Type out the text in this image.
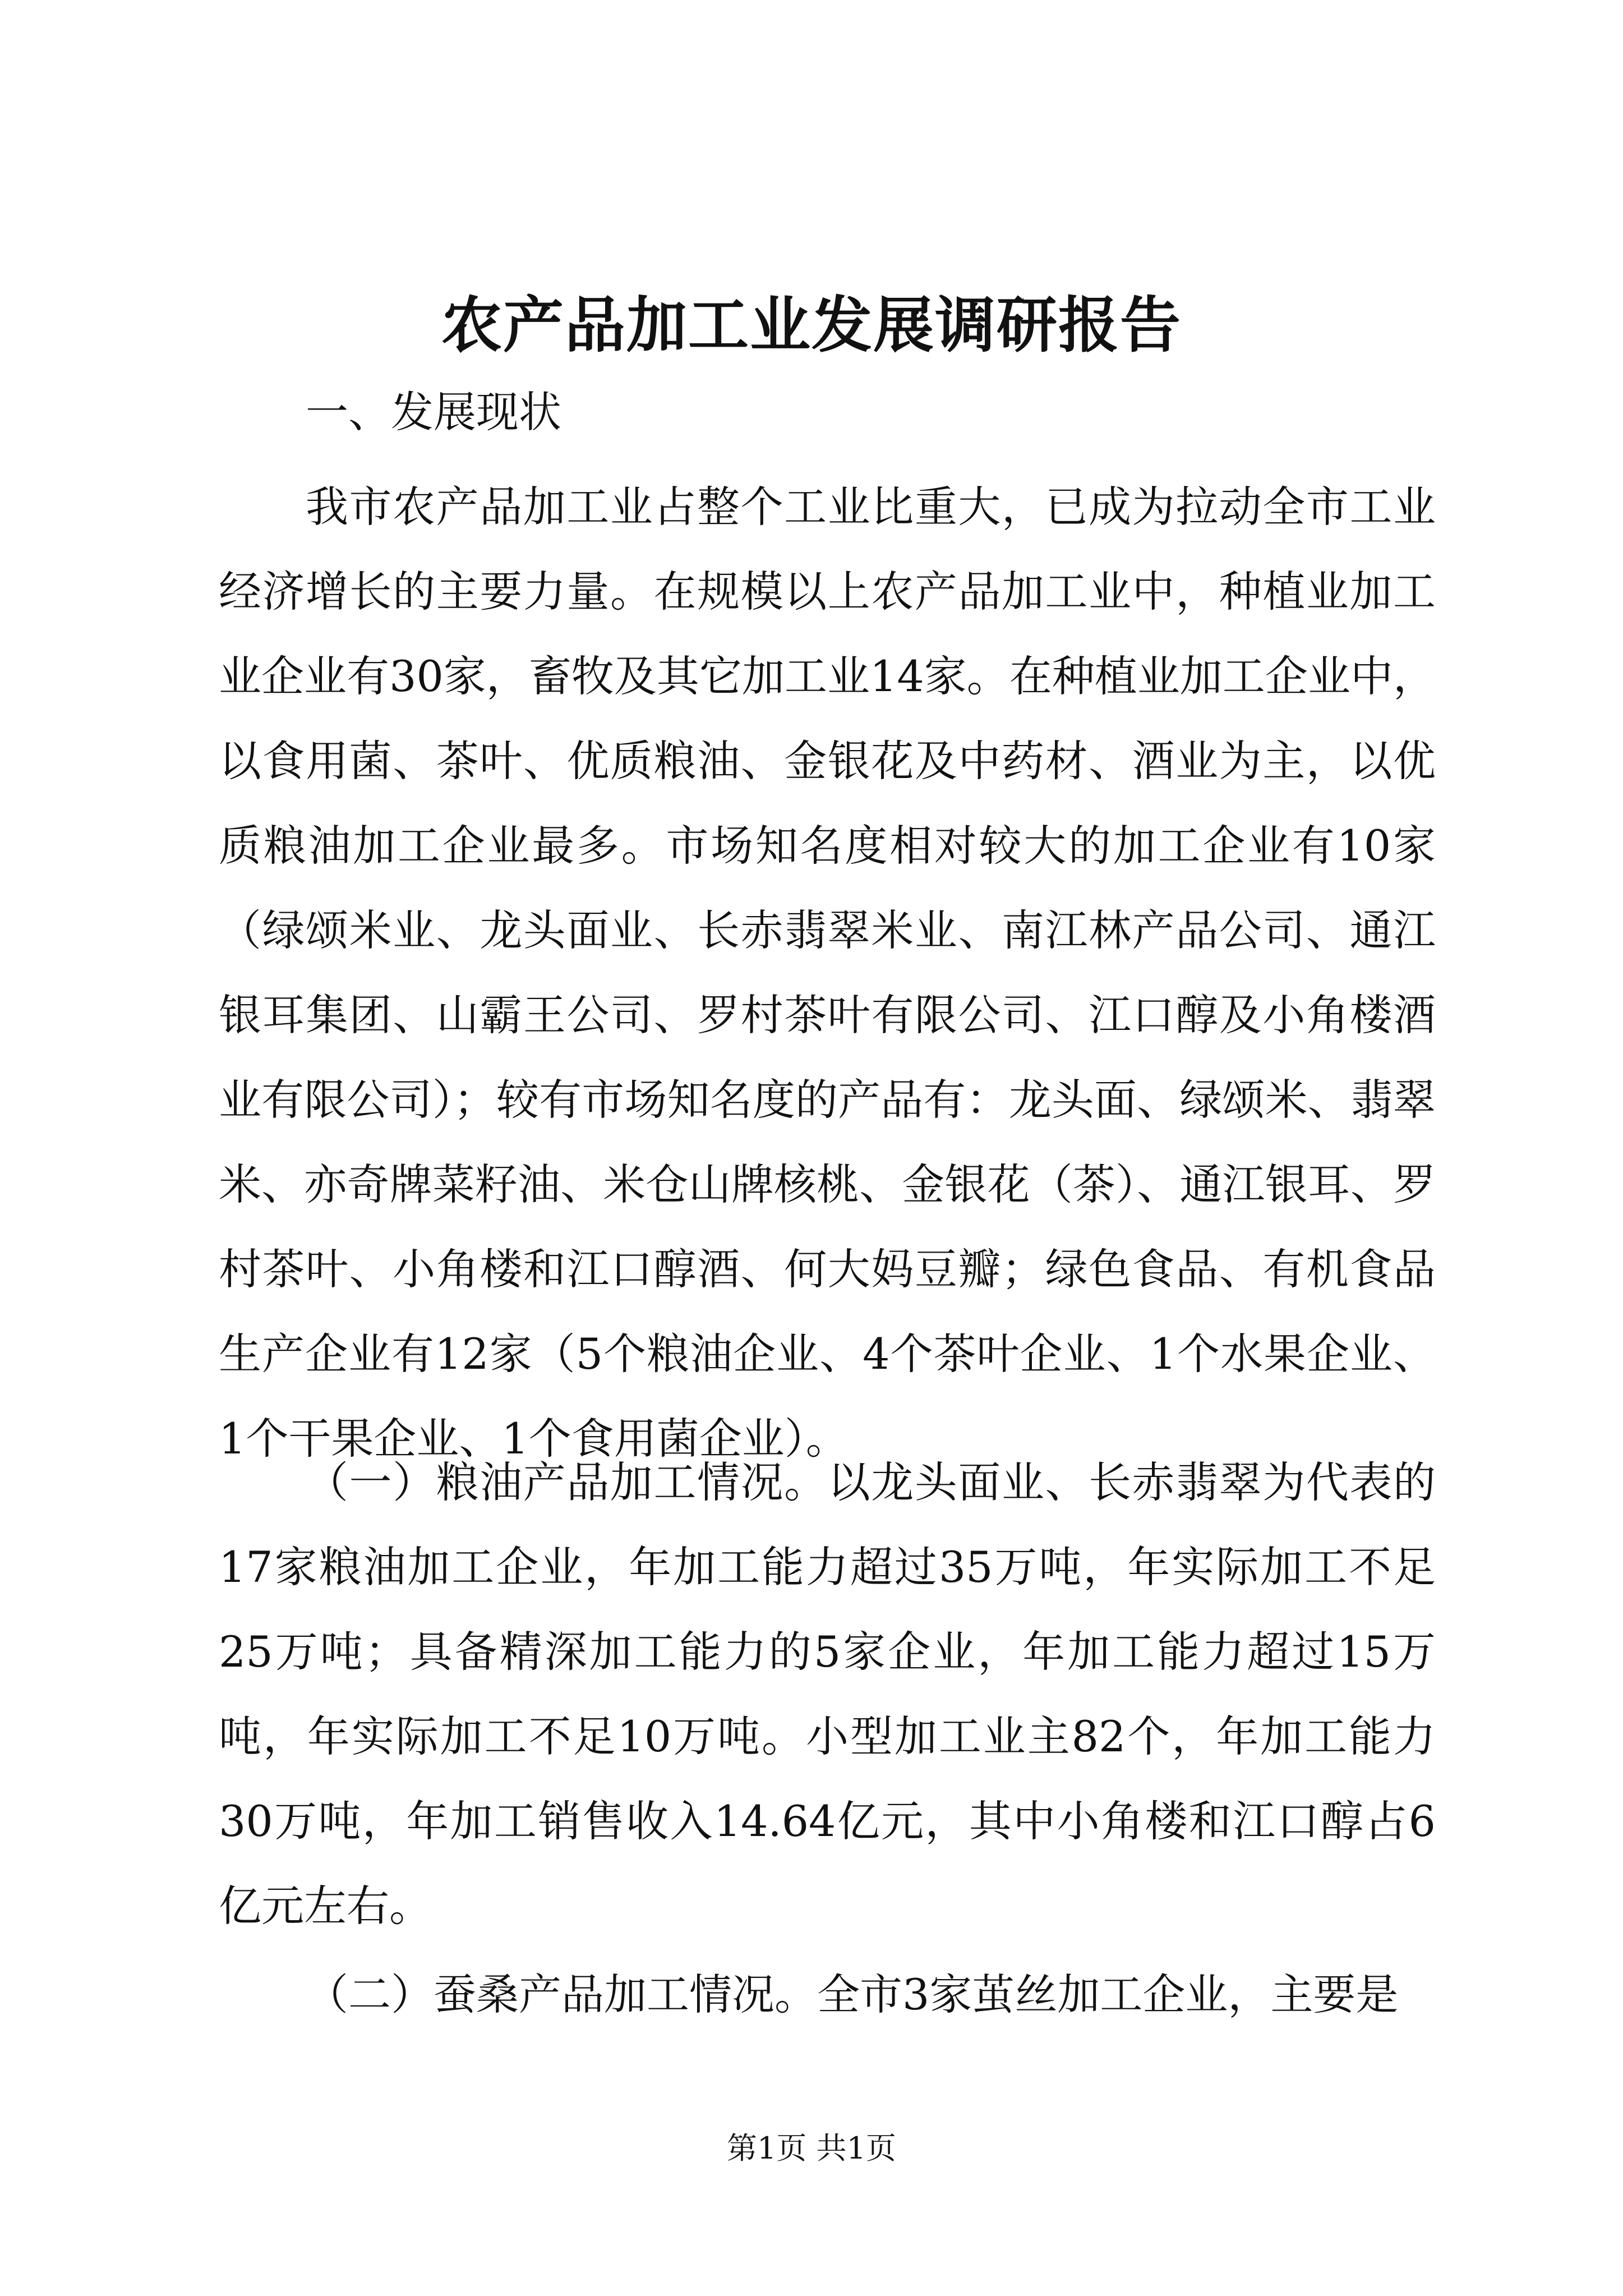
农产品加工业发展调研报告
一、发展现状

我市农产品加工业占整个工业比重大，已成为拉动全市工业经济增长的主要力量。在规模以上农产品加工业中，种植业加工业企业有30家，畜牧及其它加工业14家。在种植业加工企业中，以食用菌、茶叶、优质粮油、金银花及中药材、酒业为主，以优质粮油加工企业最多。市场知名度相对较大的加工企业有10家（绿颂米业、龙头面业、长赤翡翠米业、南江林产品公司、通江银耳集团、山霸王公司、罗村茶叶有限公司、江口醇及小角楼酒业有限公司）；较有市场知名度的产品有：龙头面、绿颂米、翡翠米、亦奇牌菜籽油、米仓山牌核桃、金银花（茶）、通江银耳、罗村茶叶、小角楼和江口醇酒、何大妈豆瓣；绿色食品、有机食品生产企业有12家（5个粮油企业、4个茶叶企业、1个水果企业、1个干果企业、1个食用菌企业）。

（一）粮油产品加工情况。以龙头面业、长赤翡翠为代表的17家粮油加工企业，年加工能力超过35万吨，年实际加工不足25万吨；具备精深加工能力的5家企业，年加工能力超过15万吨，年实际加工不足10万吨。小型加工业主82个，年加工能力30万吨，年加工销售收入14.64亿元，其中小角楼和江口醇占6亿元左右。

（二）蚕桑产品加工情况。全市3家茧丝加工企业，主要是

第1页 共1页
